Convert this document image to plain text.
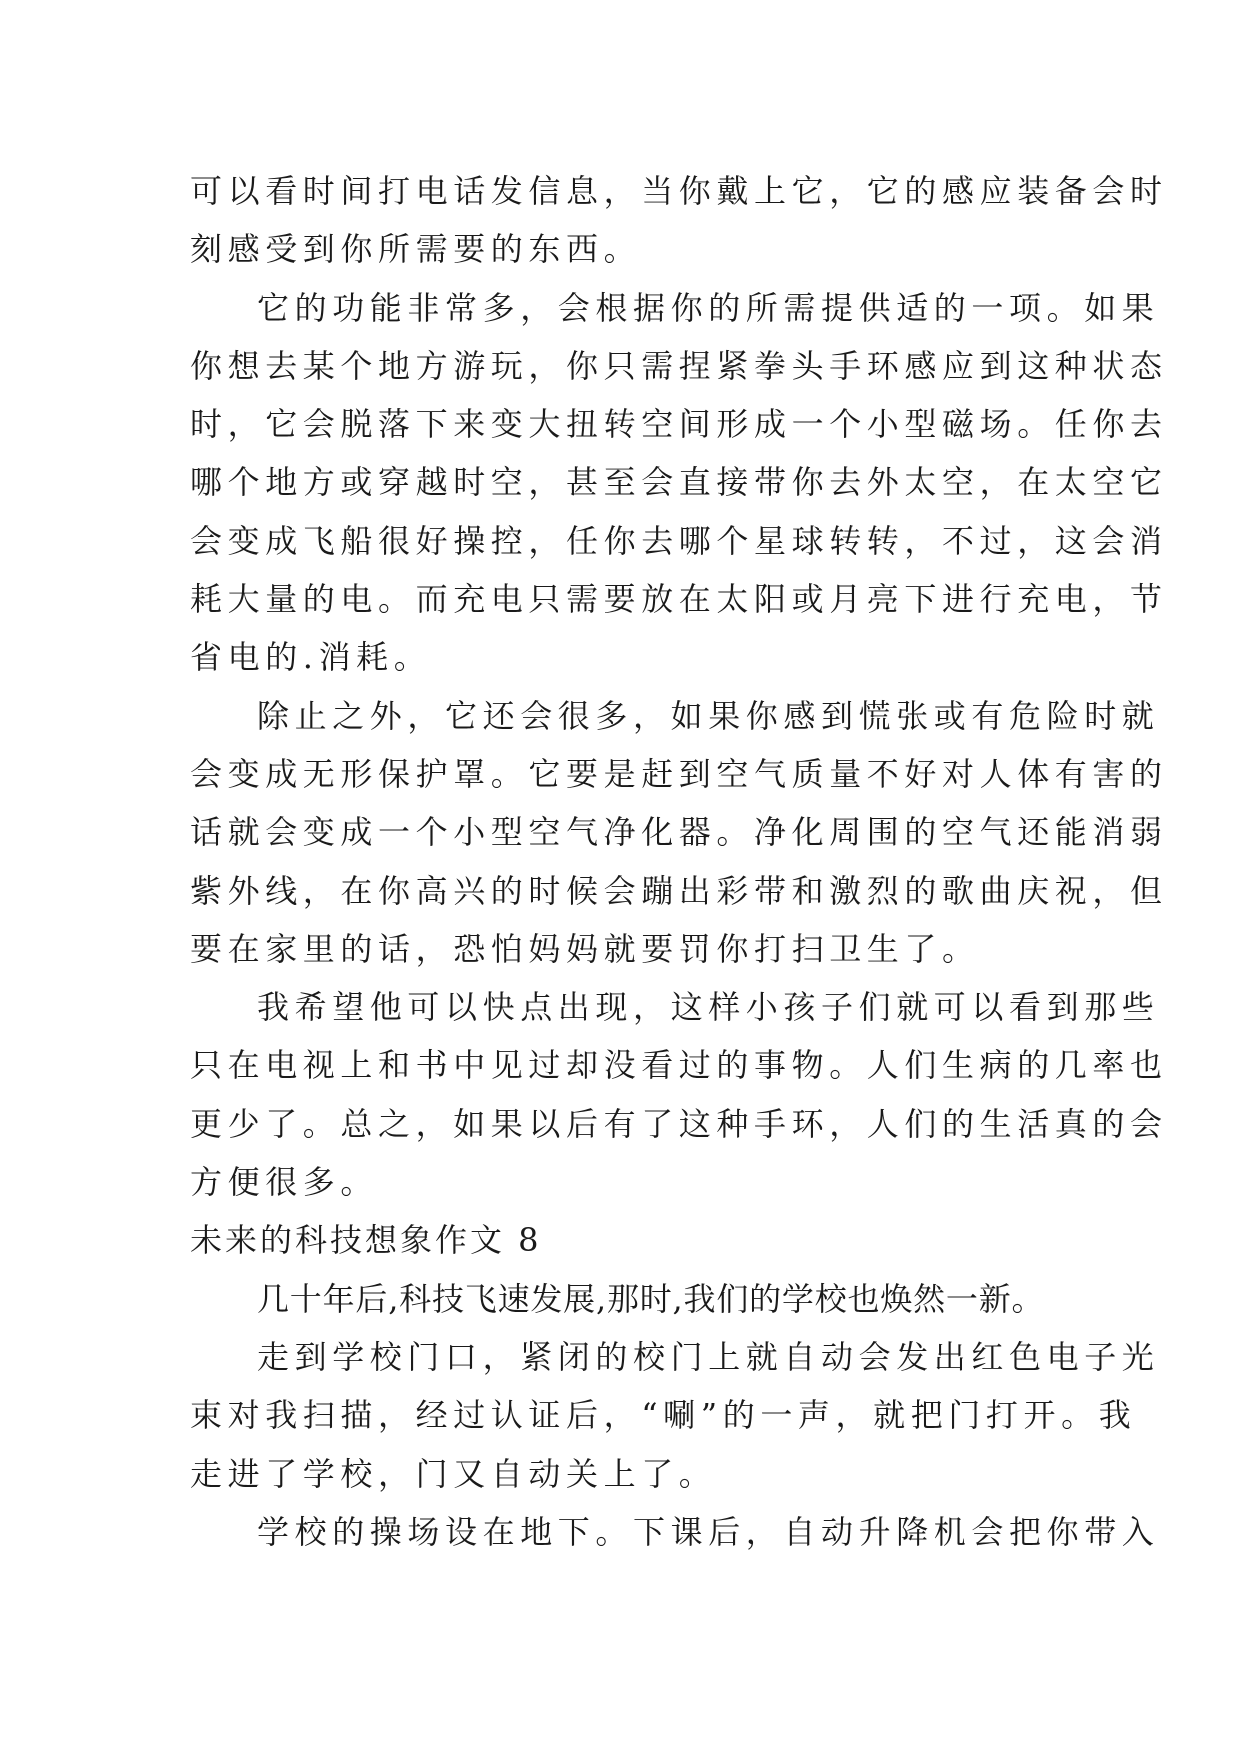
可以看时间打电话发信息，当你戴上它，它的感应装备会时
刻感受到你所需要的东西。
它的功能非常多，会根据你的所需提供适的一项。如果
你想去某个地方游玩，你只需捏紧拳头手环感应到这种状态
时，它会脱落下来变大扭转空间形成一个小型磁场。任你去
哪个地方或穿越时空，甚至会直接带你去外太空，在太空它
会变成飞船很好操控，任你去哪个星球转转，不过，这会消
耗大量的电。而充电只需要放在太阳或月亮下进行充电，节
省电的.消耗。
除止之外，它还会很多，如果你感到慌张或有危险时就
会变成无形保护罩。它要是赶到空气质量不好对人体有害的
话就会变成一个小型空气净化器。净化周围的空气还能消弱
紫外线，在你高兴的时候会蹦出彩带和激烈的歌曲庆祝，但
要在家里的话，恐怕妈妈就要罚你打扫卫生了。
我希望他可以快点出现，这样小孩子们就可以看到那些
只在电视上和书中见过却没看过的事物。人们生病的几率也
更少了。总之，如果以后有了这种手环，人们的生活真的会
方便很多。
未来的科技想象作文 8
几十年后,科技飞速发展,那时,我们的学校也焕然一新。
走到学校门口，紧闭的校门上就自动会发出红色电子光
束对我扫描，经过认证后，“唰”的一声，就把门打开。我
走进了学校，门又自动关上了。
学校的操场设在地下。下课后，自动升降机会把你带入
